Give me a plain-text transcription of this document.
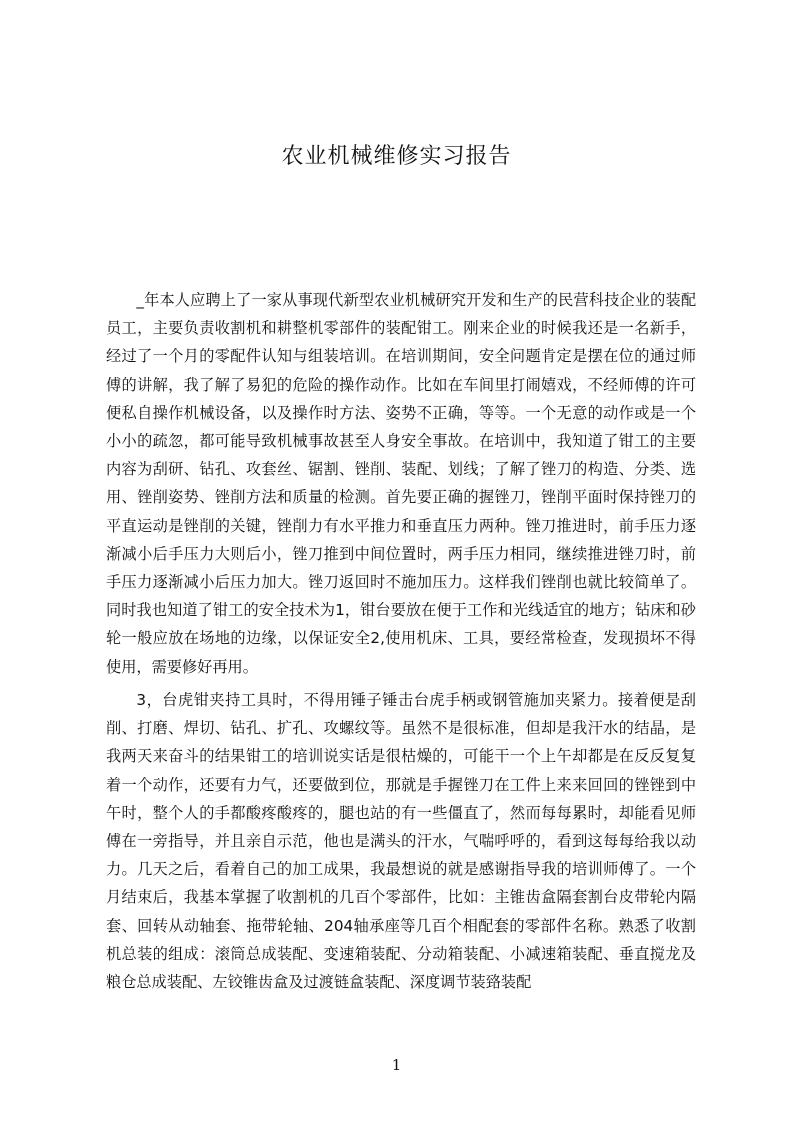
农业机械维修实习报告

_年本人应聘上了一家从事现代新型农业机械研究开发和生产的民营科技企业的装配员工，主要负责收割机和耕整机零部件的装配钳工。刚来企业的时候我还是一名新手，经过了一个月的零配件认知与组装培训。在培训期间，安全问题肯定是摆在位的通过师傅的讲解，我了解了易犯的危险的操作动作。比如在车间里打闹嬉戏，不经师傅的许可便私自操作机械设备，以及操作时方法、姿势不正确，等等。一个无意的动作或是一个小小的疏忽，都可能导致机械事故甚至人身安全事故。在培训中，我知道了钳工的主要内容为刮研、钻孔、攻套丝、锯割、锉削、装配、划线；了解了锉刀的构造、分类、选用、锉削姿势、锉削方法和质量的检测。首先要正确的握锉刀，锉削平面时保持锉刀的平直运动是锉削的关键，锉削力有水平推力和垂直压力两种。锉刀推进时，前手压力逐渐减小后手压力大则后小，锉刀推到中间位置时，两手压力相同，继续推进锉刀时，前手压力逐渐减小后压力加大。锉刀返回时不施加压力。这样我们锉削也就比较简单了。同时我也知道了钳工的安全技术为1，钳台要放在便于工作和光线适宜的地方；钻床和砂轮一般应放在场地的边缘，以保证安全2,使用机床、工具，要经常检查，发现损坏不得使用，需要修好再用。

3，台虎钳夹持工具时，不得用锤子锤击台虎手柄或钢管施加夹紧力。接着便是刮削、打磨、焊切、钻孔、扩孔、攻螺纹等。虽然不是很标准，但却是我汗水的结晶，是我两天来奋斗的结果钳工的培训说实话是很枯燥的，可能干一个上午却都是在反反复复着一个动作，还要有力气，还要做到位，那就是手握锉刀在工件上来来回回的锉锉到中午时，整个人的手都酸疼酸疼的，腿也站的有一些僵直了，然而每每累时，却能看见师傅在一旁指导，并且亲自示范，他也是满头的汗水，气喘呼呼的，看到这每每给我以动力。几天之后，看着自己的加工成果，我最想说的就是感谢指导我的培训师傅了。一个月结束后，我基本掌握了收割机的几百个零部件，比如：主锥齿盒隔套割台皮带轮内隔套、回转从动轴套、拖带轮轴、204轴承座等几百个相配套的零部件名称。熟悉了收割机总装的组成：滚筒总成装配、变速箱装配、分动箱装配、小减速箱装配、垂直搅龙及粮仓总成装配、左铰锥齿盒及过渡链盒装配、深度调节装臵装配

1
